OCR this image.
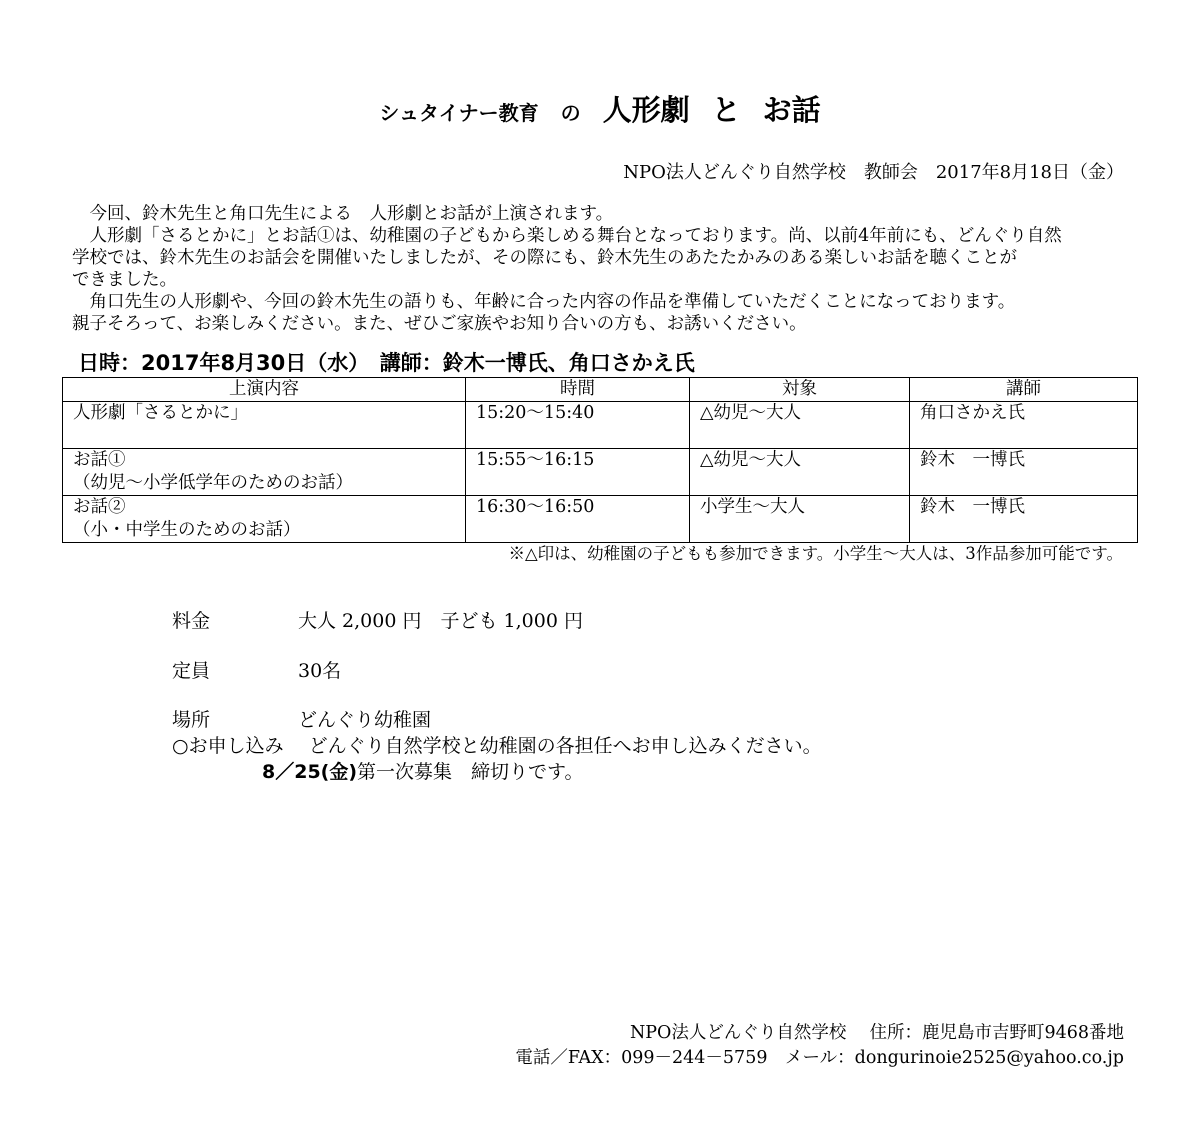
シュタイナー教育 の 人形劇 と お話
NPO法人どんぐり自然学校　教師会　2017年8月18日（金）
　今回、鈴木先生と角口先生による　人形劇とお話が上演されます。
　人形劇「さるとかに」とお話①は、幼稚園の子どもから楽しめる舞台となっております。尚、以前4年前にも、どんぐり自然
学校では、鈴木先生のお話会を開催いたしましたが、その際にも、鈴木先生のあたたかみのある楽しいお話を聴くことが
できました。
　角口先生の人形劇や、今回の鈴木先生の語りも、年齢に合った内容の作品を準備していただくことになっております。
親子そろって、お楽しみください。また、ぜひご家族やお知り合いの方も、お誘いください。
日時：2017年8月30日（水）　講師：鈴木一博氏、角口さかえ氏
上演内容	時間	対象	講師

人形劇「さるとかに」	15:20～15:40	△幼児～大人	角口さかえ氏

お話①
（幼児～小学低学年のためのお話）	15:55～16:15	△幼児～大人	鈴木　一博氏

お話②
（小・中学生のためのお話）	16:30～16:50	小学生～大人	鈴木　一博氏
※△印は、幼稚園の子どもも参加できます。小学生～大人は、3作品参加可能です。
料金	大人 2,000 円　子ども 1,000 円
定員	30名
場所	どんぐり幼稚園
○お申し込み　 どんぐり自然学校と幼稚園の各担任へお申し込みください。
8／25(金)第一次募集　締切りです。
NPO法人どんぐり自然学校　 住所：鹿児島市吉野町9468番地
電話／FAX：099－244－5759　メール：dongurinoie2525@yahoo.co.jp
